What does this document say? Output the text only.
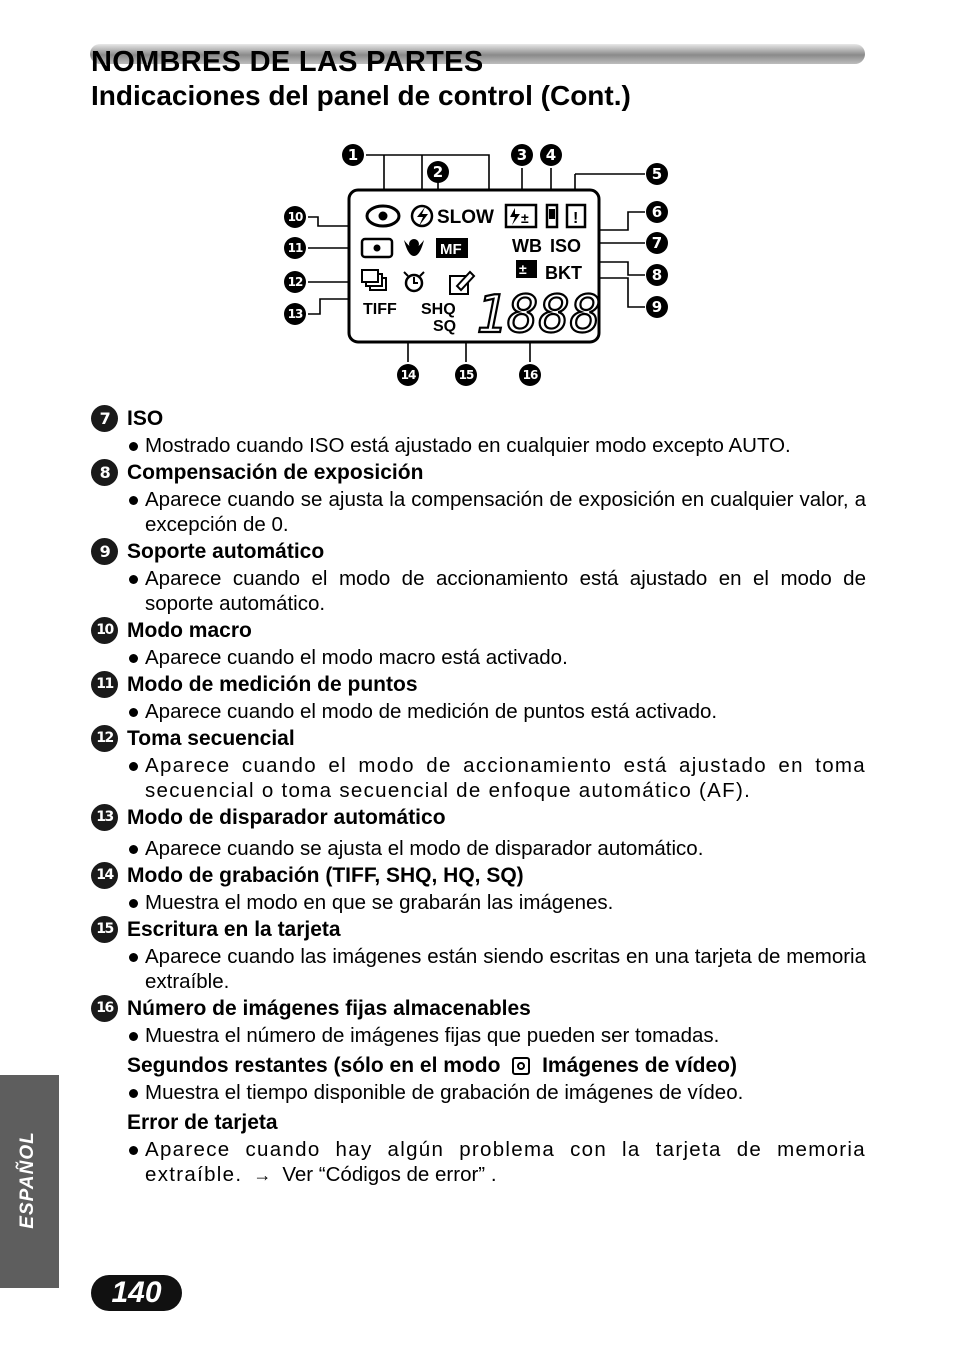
NOMBRES DE LAS PARTES
Indicaciones del panel de control (Cont.)
SLOW ±	!
MF	WB ISO
± BKT
TIFF SHQ
SQ 1888
1
2
3 4
5
6
7
8
9
10
11
12
13
14	15	16
7 ISO
Mostrado cuando ISO está ajustado en cualquier modo excepto AUTO.
8 Compensación de exposición
Aparece cuando se ajusta la compensación de exposición en cualquier valor, a excepción de 0.
9 Soporte automático
Aparece cuando el modo de accionamiento está ajustado en el modo de soporte automático.
10 Modo macro
Aparece cuando el modo macro está activado.
11 Modo de medición de puntos
Aparece cuando el modo de medición de puntos está activado.
12 Toma secuencial
Aparece cuando el modo de accionamiento está ajustado en toma secuencial o toma secuencial de enfoque automático (AF).
13 Modo de disparador automático
Aparece cuando se ajusta el modo de disparador automático.
14 Modo de grabación (TIFF, SHQ, HQ, SQ)
Muestra el modo en que se grabarán las imágenes.
15 Escritura en la tarjeta
Aparece cuando las imágenes están siendo escritas en una tarjeta de memoria extraíble.
16 Número de imágenes fijas almacenables
Muestra el número de imágenes fijas que pueden ser tomadas.
Segundos restantes (sólo en el modo Imágenes de vídeo)
Muestra el tiempo disponible de grabación de imágenes de vídeo.
Error de tarjeta
Aparece cuando hay algún problema con la tarjeta de memoria extraíble. → Ver “Códigos de error” .
ESPAÑOL
140
